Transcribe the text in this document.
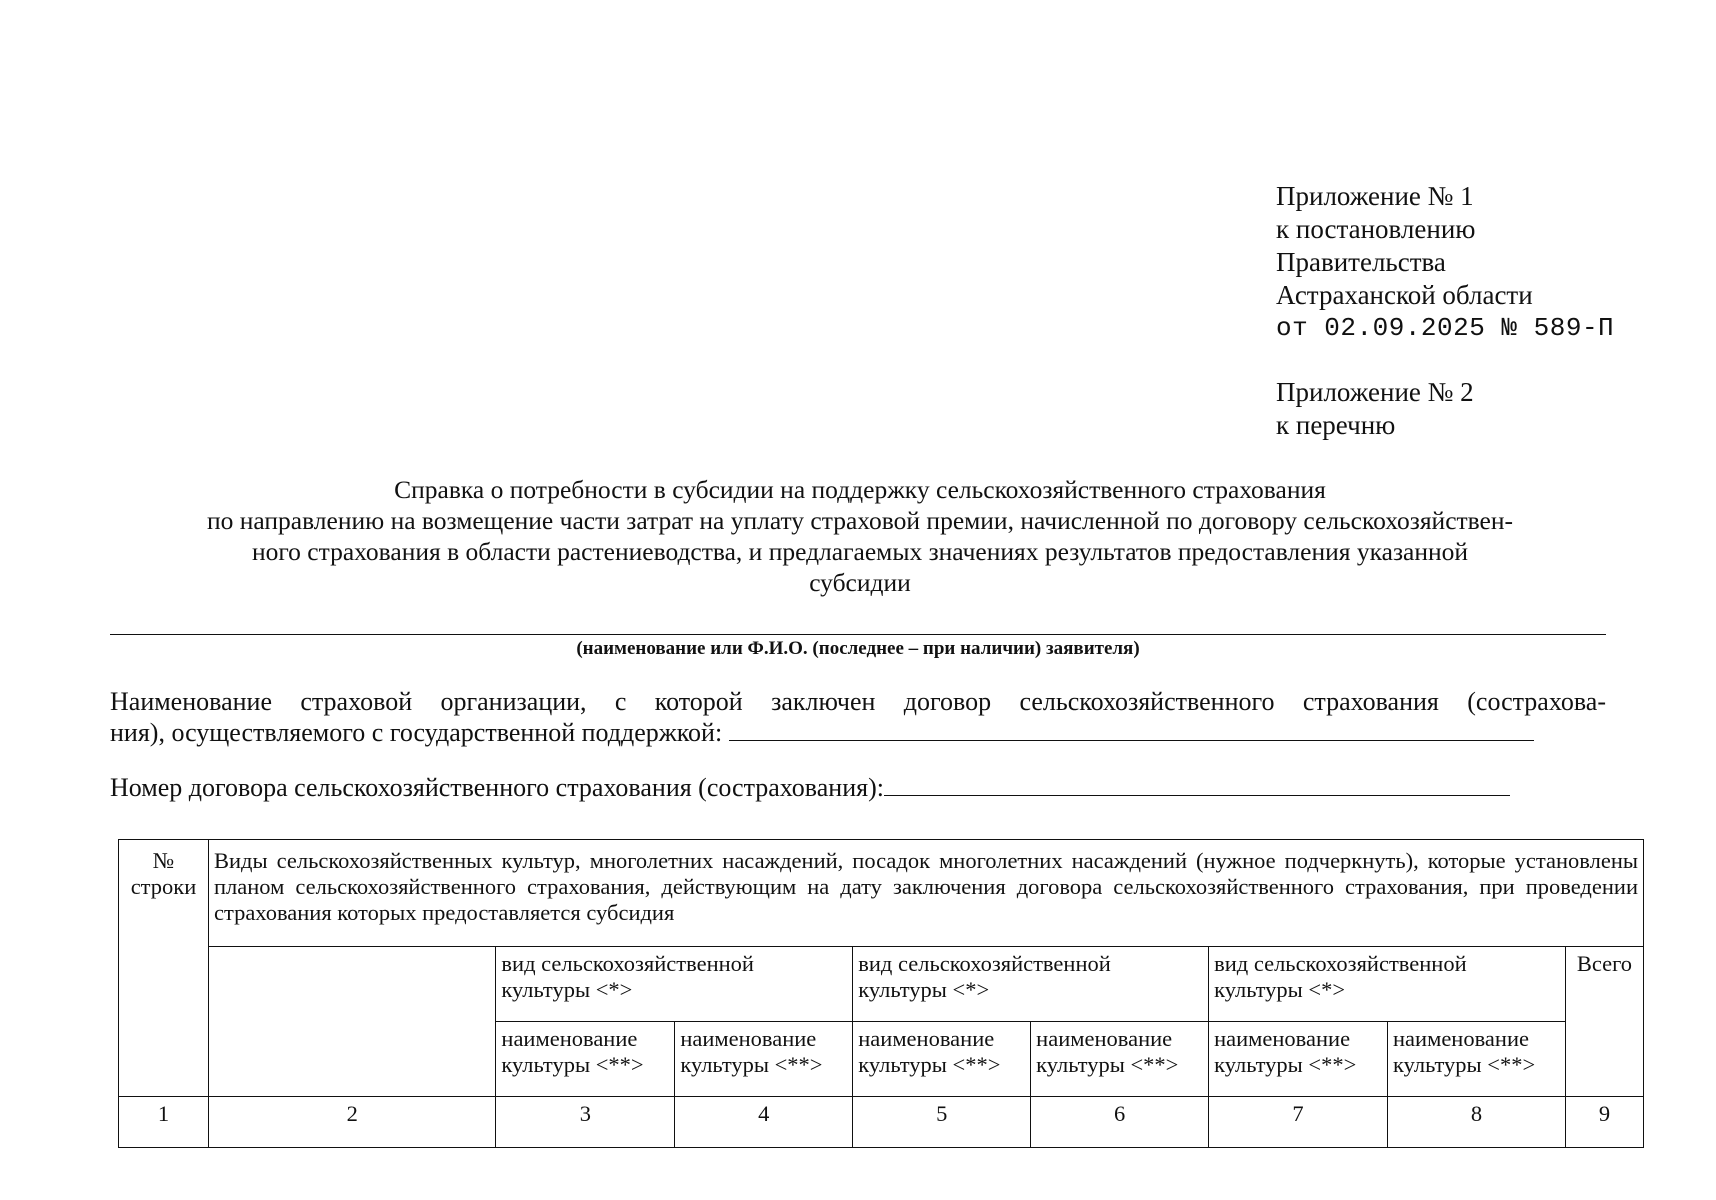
Приложение № 1
к постановлению
Правительства
Астраханской области
от 02.09.2025 № 589-П
Приложение № 2
к перечню
Справка о потребности в субсидии на поддержку сельскохозяйственного страхования
по направлению на возмещение части затрат на уплату страховой премии, начисленной по договору сельскохозяйствен-
ного страхования в области растениеводства, и предлагаемых значениях результатов предоставления указанной
субсидии
(наименование или Ф.И.О. (последнее – при наличии) заявителя)
Наименование страховой организации, с которой заключен договор сельскохозяйственного страхования (сострахова-
ния), осуществляемого с государственной поддержкой:
Номер договора сельскохозяйственного страхования (сострахования):
№ строки	Виды сельскохозяйственных культур, многолетних насаждений, посадок многолетних насаждений (нужное подчеркнуть), которые установлены планом сельскохозяйственного страхования, действующим на дату заключения договора сельскохозяйственного страхования, при проведении страхования которых предоставляется субсидия							
		вид сельскохозяйственной культуры <*>		вид сельскохозяйственной культуры <*>		вид сельскохозяйственной культуры <*>		Всего
		наименование культуры <**>	наименование культуры <**>	наименование культуры <**>	наименование культуры <**>	наименование культуры <**>	наименование культуры <**>	
1	2	3	4	5	6	7	8	9
